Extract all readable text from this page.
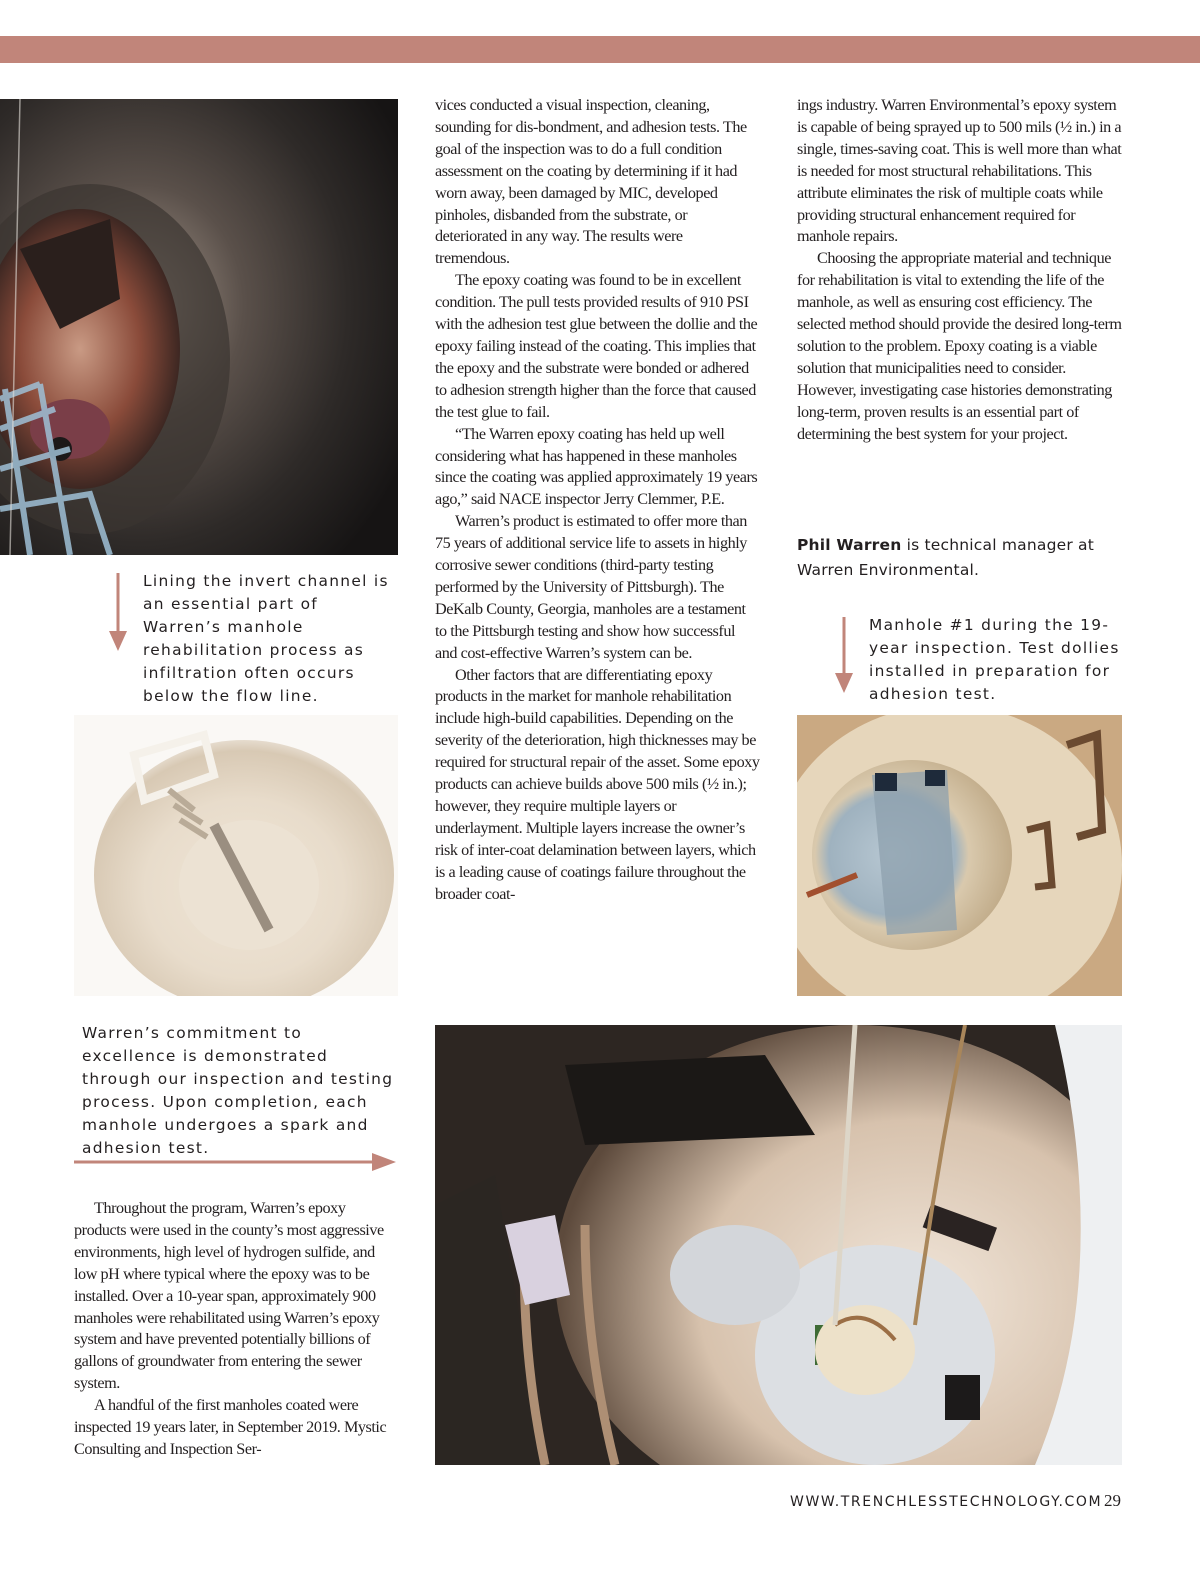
Lining the invert channel is an essential part of Warren’s manhole rehabilitation process as infiltration often occurs below the flow line.
Warren’s commitment to excellence is demonstrated through our inspection and testing process. Upon completion, each manhole undergoes a spark and adhesion test.

Throughout the program, Warren’s epoxy products were used in the county’s most aggressive environments, high level of hydrogen sulfide, and low pH where typical where the epoxy was to be installed. Over a 10-year span, approximately 900 manholes were rehabilitated using Warren’s epoxy system and have prevented potentially billions of gallons of groundwater from entering the sewer system.

A handful of the first manholes coated were inspected 19 years later, in September 2019. Mystic Consulting and Inspection Ser-

vices conducted a visual inspection, cleaning, sounding for dis-bondment, and adhesion tests. The goal of the inspection was to do a full condition assessment on the coating by determining if it had worn away, been damaged by MIC, developed pinholes, disbanded from the substrate, or deteriorated in any way. The results were tremendous.

The epoxy coating was found to be in excellent condition. The pull tests provided results of 910 PSI with the adhesion test glue between the dollie and the epoxy failing instead of the coating. This implies that the epoxy and the substrate were bonded or adhered to adhesion strength higher than the force that caused the test glue to fail.

“The Warren epoxy coating has held up well considering what has happened in these manholes since the coating was applied approximately 19 years ago,” said NACE inspector Jerry Clemmer, P.E.

Warren’s product is estimated to offer more than 75 years of additional service life to assets in highly corrosive sewer conditions (third-party testing performed by the University of Pittsburgh). The DeKalb County, Georgia, manholes are a testament to the Pittsburgh testing and show how successful and cost-effective Warren’s system can be.

Other factors that are differentiating epoxy products in the market for manhole rehabilitation include high-build capabilities. Depending on the severity of the deterioration, high thicknesses may be required for structural repair of the asset. Some epoxy products can achieve builds above 500 mils (½ in.); however, they require multiple layers or underlayment. Multiple layers increase the owner’s risk of inter-coat delamination between layers, which is a leading cause of coatings failure throughout the broader coat-

ings industry. Warren Environmental’s epoxy system is capable of being sprayed up to 500 mils (½ in.) in a single, times-saving coat. This is well more than what is needed for most structural rehabilitations. This attribute eliminates the risk of multiple coats while providing structural enhancement required for manhole repairs.

Choosing the appropriate material and technique for rehabilitation is vital to extending the life of the manhole, as well as ensuring cost efficiency. The selected method should provide the desired long-term solution to the problem. Epoxy coating is a viable solution that municipalities need to consider. However, investigating case histories demonstrating long-term, proven results is an essential part of determining the best system for your project.

Phil Warren is technical manager at Warren Environmental.
Manhole #1 during the 19-year inspection. Test dollies installed in preparation for adhesion test.
WWW.TRENCHLESSTECHNOLOGY.COM 29
